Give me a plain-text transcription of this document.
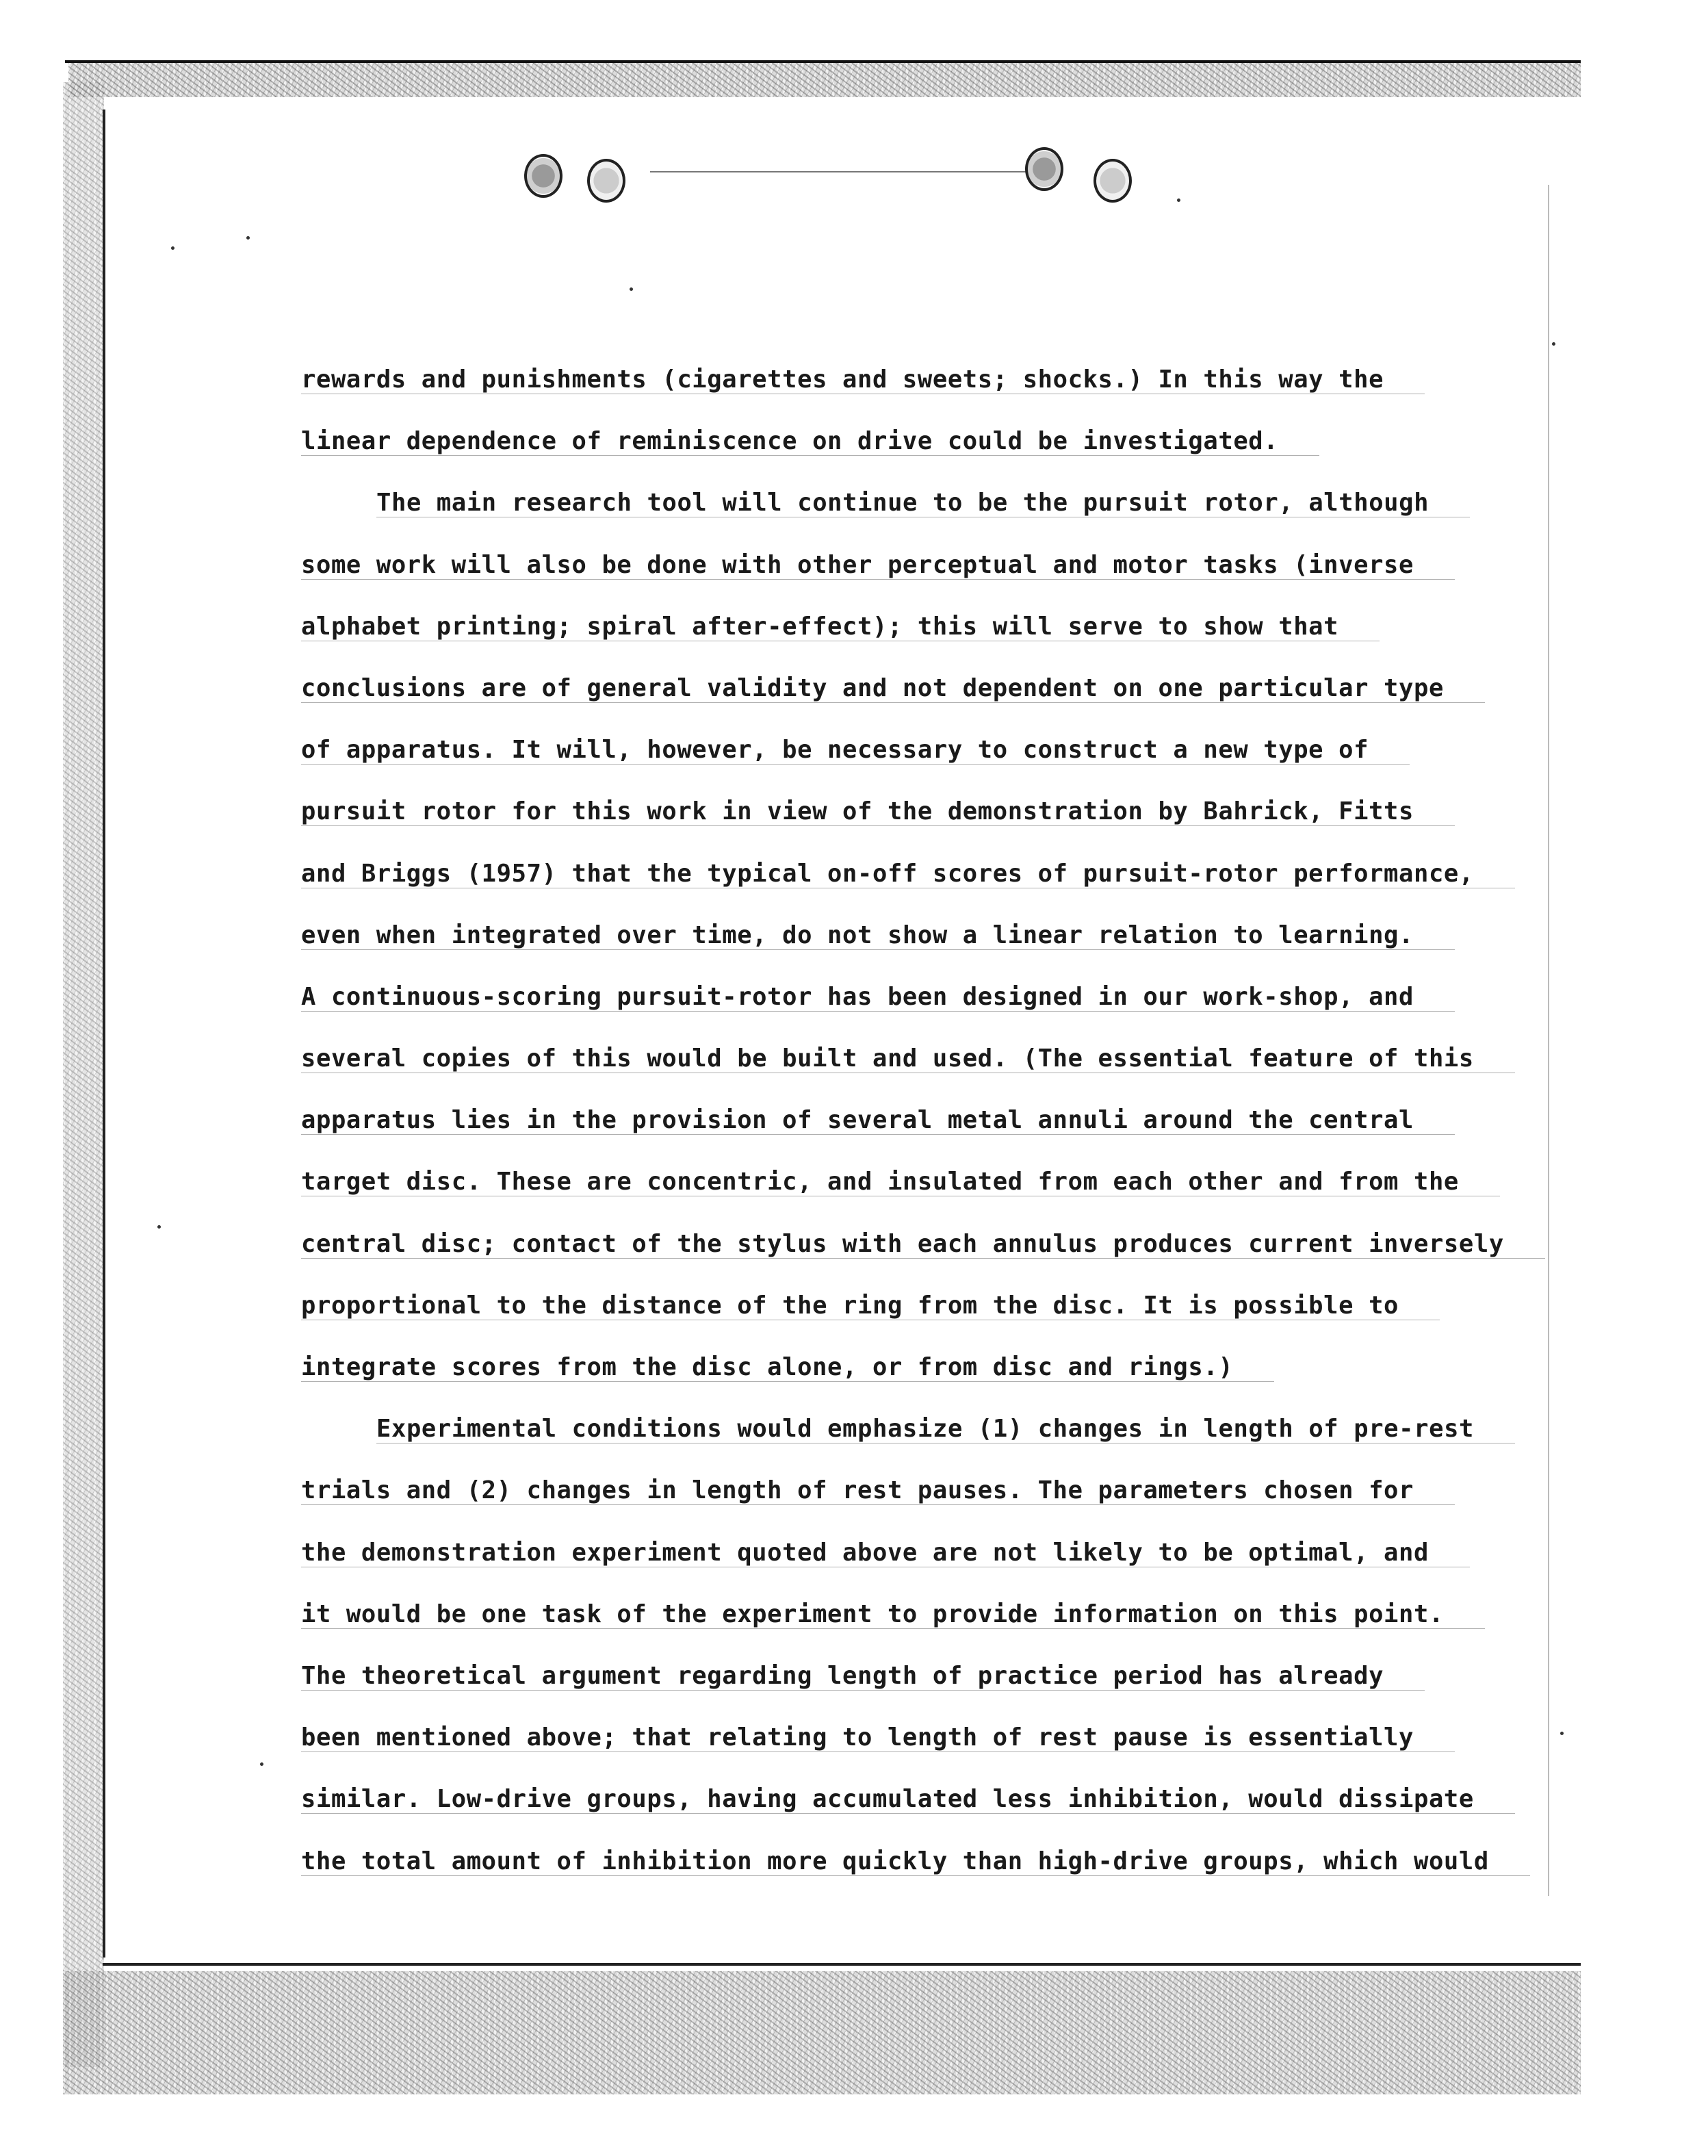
rewards and punishments (cigarettes and sweets; shocks.) In this way the
linear dependence of reminiscence on drive could be investigated.
The main research tool will continue to be the pursuit rotor, although
some work will also be done with other perceptual and motor tasks (inverse
alphabet printing; spiral after-effect); this will serve to show that
conclusions are of general validity and not dependent on one particular type
of apparatus. It will, however, be necessary to construct a new type of
pursuit rotor for this work in view of the demonstration by Bahrick, Fitts
and Briggs (1957) that the typical on-off scores of pursuit-rotor performance,
even when integrated over time, do not show a linear relation to learning.
A continuous-scoring pursuit-rotor has been designed in our work-shop, and
several copies of this would be built and used. (The essential feature of this
apparatus lies in the provision of several metal annuli around the central
target disc. These are concentric, and insulated from each other and from the
central disc; contact of the stylus with each annulus produces current inversely
proportional to the distance of the ring from the disc. It is possible to
integrate scores from the disc alone, or from disc and rings.)
Experimental conditions would emphasize (1) changes in length of pre-rest
trials and (2) changes in length of rest pauses. The parameters chosen for
the demonstration experiment quoted above are not likely to be optimal, and
it would be one task of the experiment to provide information on this point.
The theoretical argument regarding length of practice period has already
been mentioned above; that relating to length of rest pause is essentially
similar. Low-drive groups, having accumulated less inhibition, would dissipate
the total amount of inhibition more quickly than high-drive groups, which would
